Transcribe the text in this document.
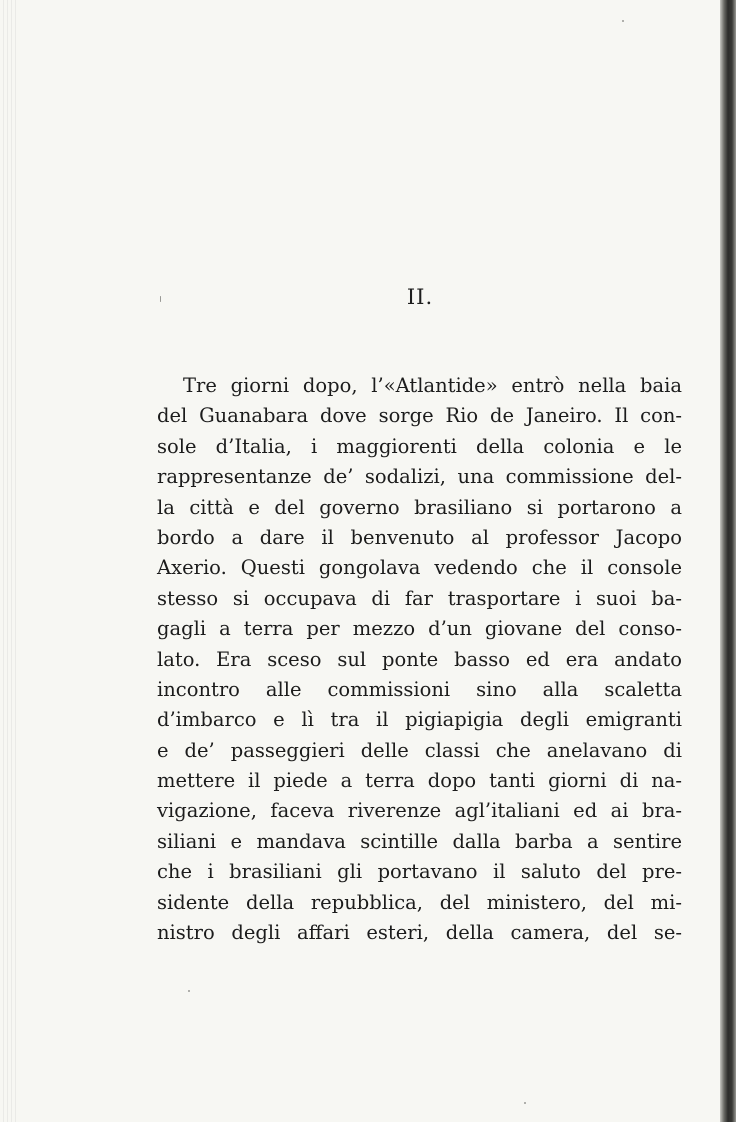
II.
Tre giorni dopo, l’«Atlantide» entrò nella baia
del Guanabara dove sorge Rio de Janeiro. Il con-
sole d’Italia, i maggiorenti della colonia e le
rappresentanze de’ sodalizi, una commissione del-
la città e del governo brasiliano si portarono a
bordo a dare il benvenuto al professor Jacopo
Axerio. Questi gongolava vedendo che il console
stesso si occupava di far trasportare i suoi ba-
gagli a terra per mezzo d’un giovane del conso-
lato. Era sceso sul ponte basso ed era andato
incontro alle commissioni sino alla scaletta
d’imbarco e lì tra il pigiapigia degli emigranti
e de’ passeggieri delle classi che anelavano di
mettere il piede a terra dopo tanti giorni di na-
vigazione, faceva riverenze agl’italiani ed ai bra-
siliani e mandava scintille dalla barba a sentire
che i brasiliani gli portavano il saluto del pre-
sidente della repubblica, del ministero, del mi-
nistro degli affari esteri, della camera, del se-
